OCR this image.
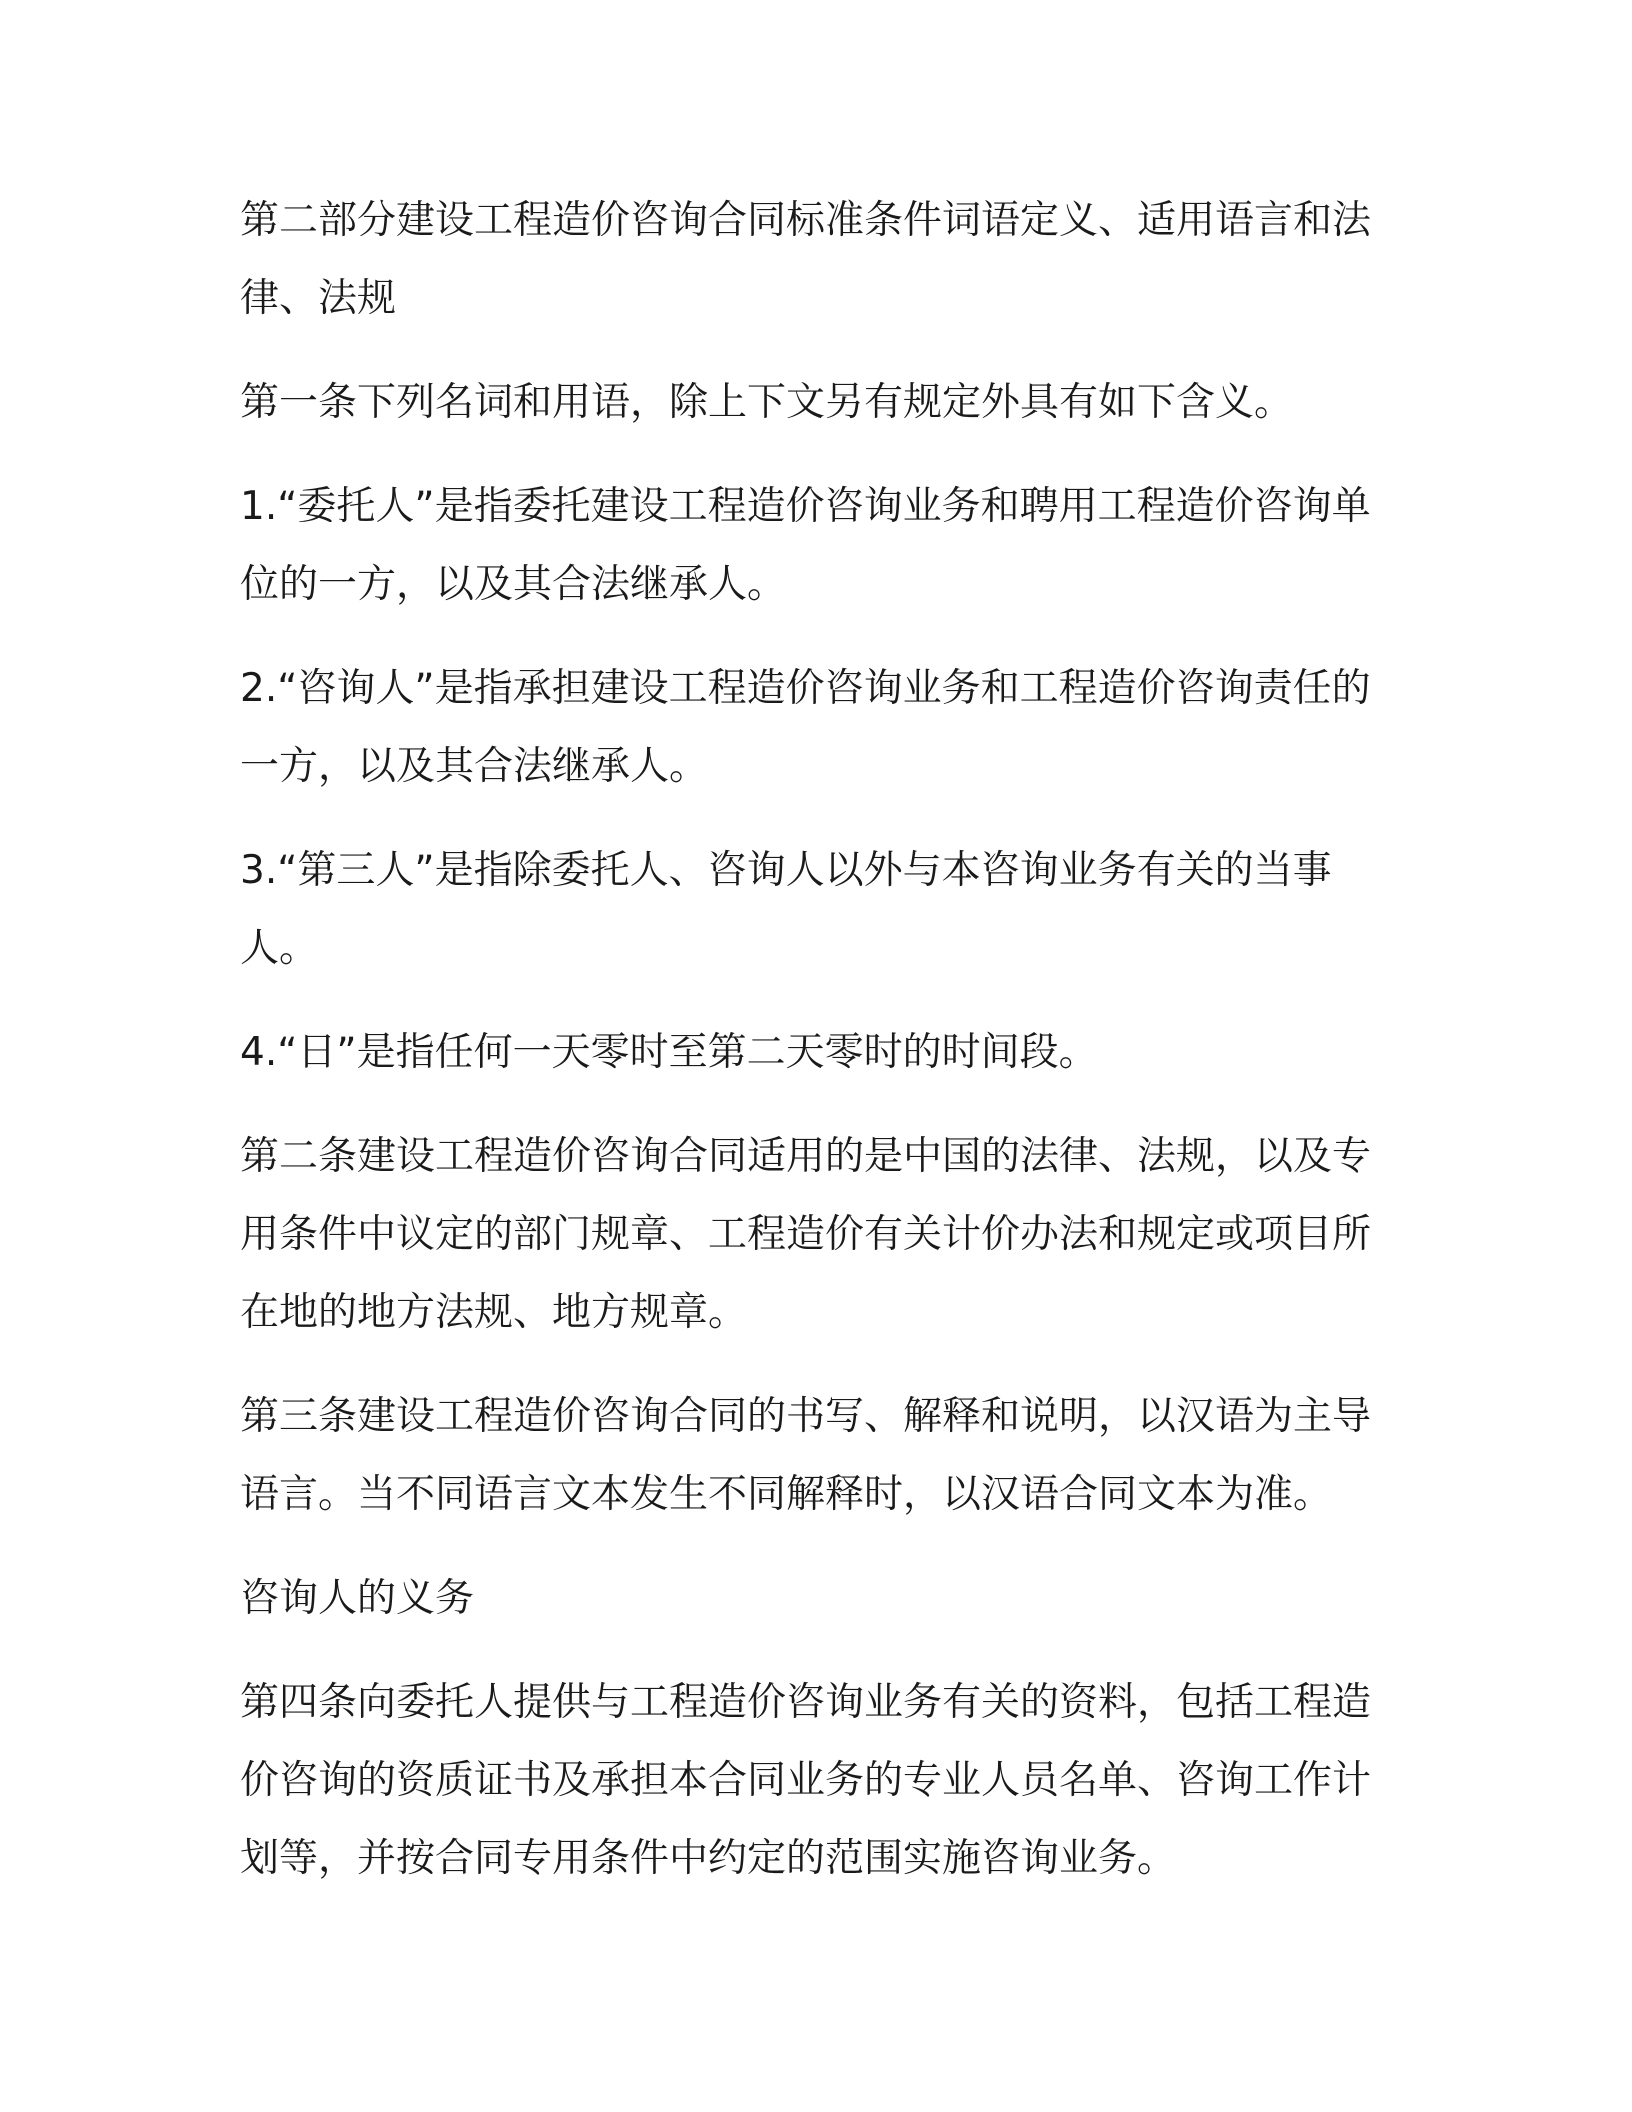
第二部分建设工程造价咨询合同标准条件词语定义、适用语言和法律、法规

第一条下列名词和用语，除上下文另有规定外具有如下含义。

1.“委托人”是指委托建设工程造价咨询业务和聘用工程造价咨询单位的一方，以及其合法继承人。

2.“咨询人”是指承担建设工程造价咨询业务和工程造价咨询责任的一方，以及其合法继承人。

3.“第三人”是指除委托人、咨询人以外与本咨询业务有关的当事人。

4.“日”是指任何一天零时至第二天零时的时间段。

第二条建设工程造价咨询合同适用的是中国的法律、法规，以及专用条件中议定的部门规章、工程造价有关计价办法和规定或项目所在地的地方法规、地方规章。

第三条建设工程造价咨询合同的书写、解释和说明，以汉语为主导语言。当不同语言文本发生不同解释时，以汉语合同文本为准。

咨询人的义务

第四条向委托人提供与工程造价咨询业务有关的资料，包括工程造价咨询的资质证书及承担本合同业务的专业人员名单、咨询工作计划等，并按合同专用条件中约定的范围实施咨询业务。
